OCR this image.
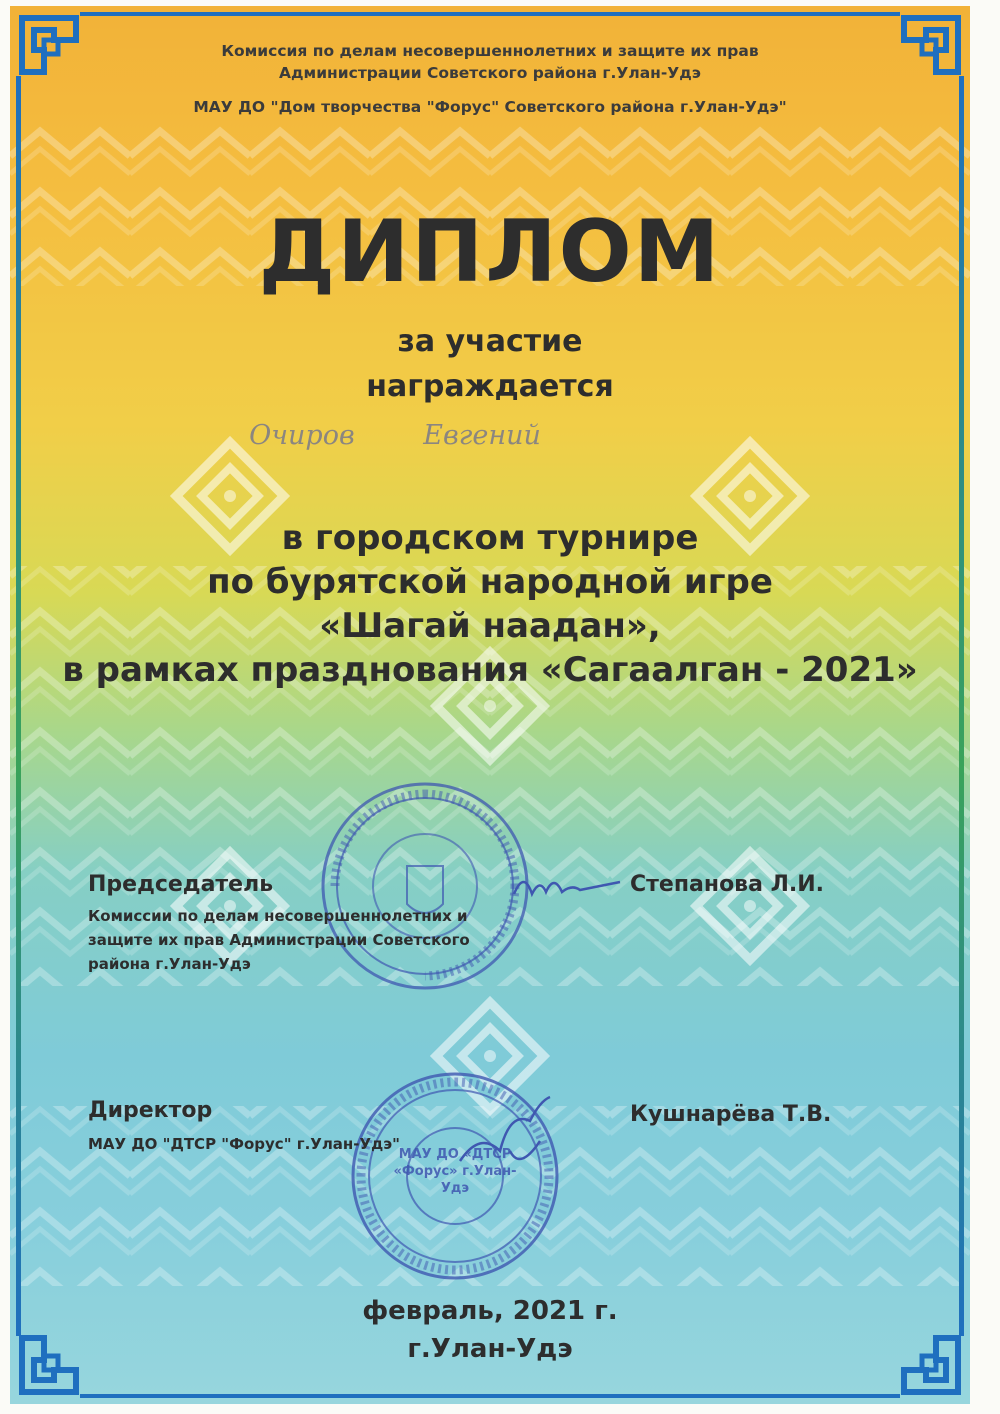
Комиссия по делам несовершеннолетних и защите их прав
Администрации Советского района г.Улан-Удэ
МАУ ДО "Дом творчества "Форус" Советского района г.Улан-Удэ"
ДИПЛОМ
за участие
награждается
Очиров Евгений
в городском турнире
по бурятской народной игре
«Шагай наадан»,
в рамках празднования «Сагаалган - 2021»
Председатель
Комиссии по делам несовершеннолетних и
защите их прав Администрации Советского
района г.Улан-Удэ
Степанова Л.И.
МАУ ДО «ДТСР «Форус» г.Улан-Удэ
Директор
МАУ ДО "ДТСР "Форус" г.Улан-Удэ"
Кушнарёва Т.В.
февраль, 2021 г.
г.Улан-Удэ
